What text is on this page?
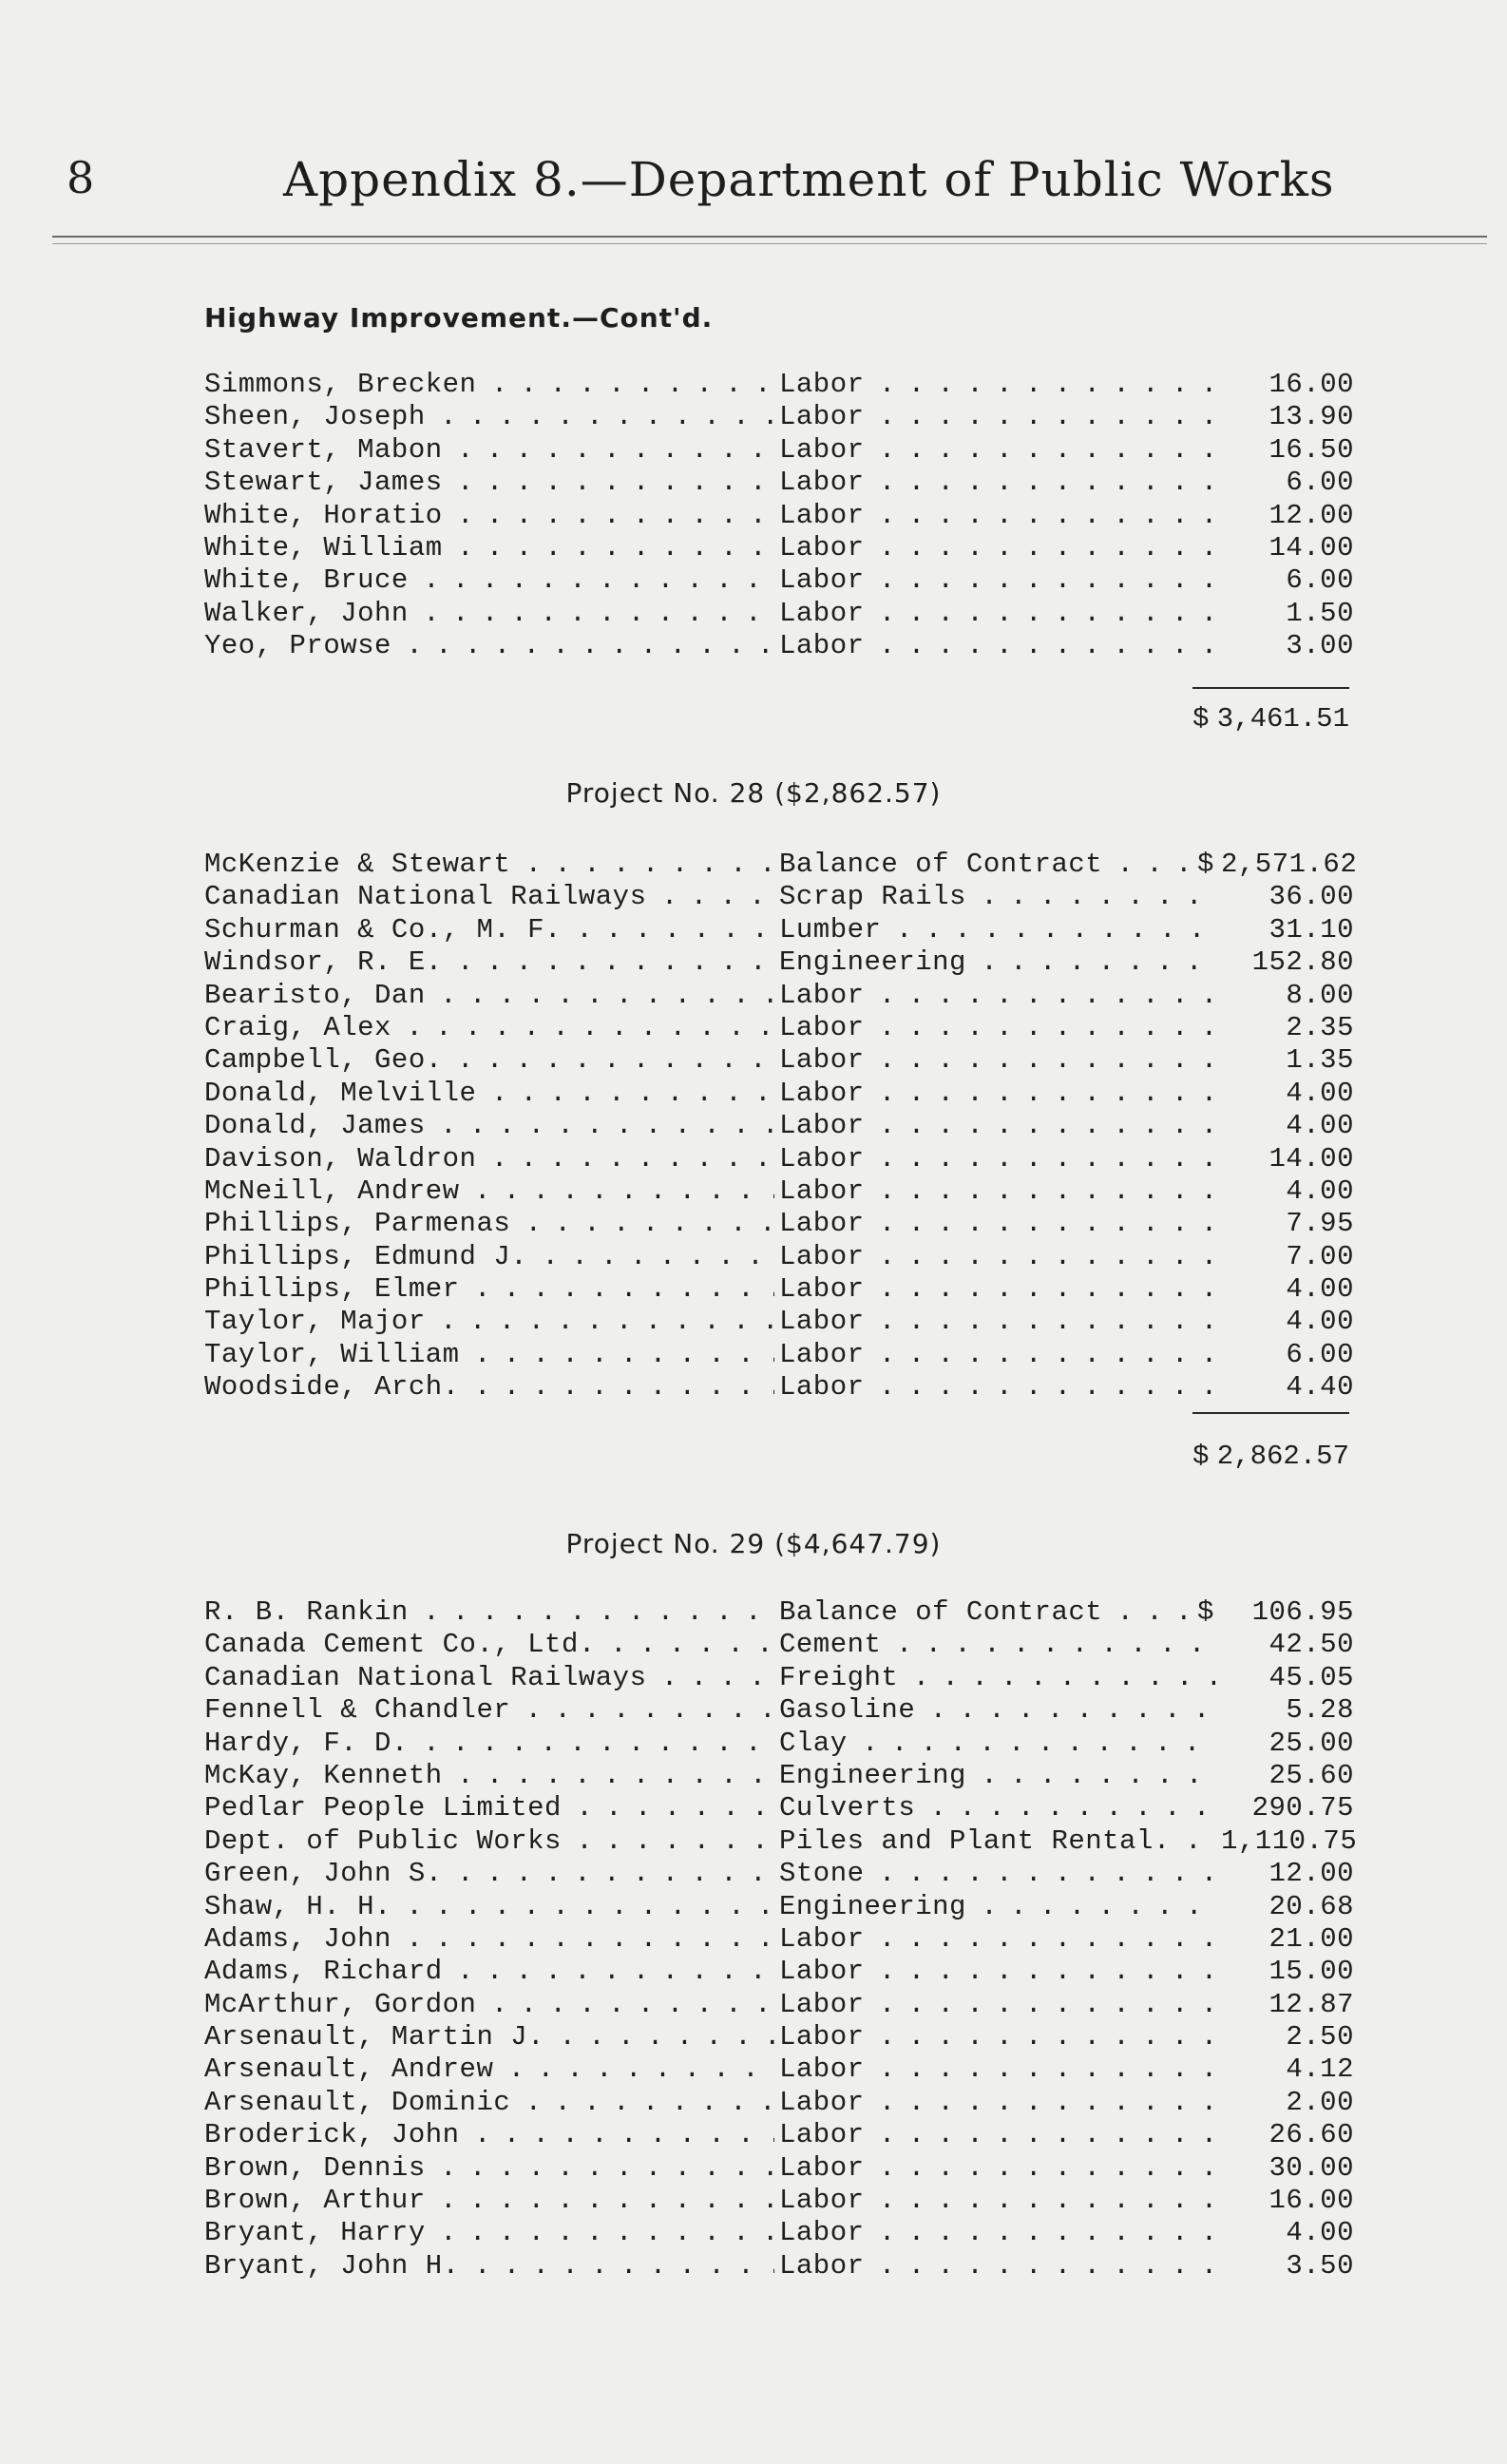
8	Appendix 8.—Department of Public Works
Highway Improvement.—Cont'd.
Simmons, Brecken . . .	Labor . . .	16.00
Sheen, Joseph . . .	Labor . . .	13.90
Stavert, Mabon . . .	Labor . . .	16.50
Stewart, James . . .	Labor . . .	6.00
White, Horatio . . .	Labor . . .	12.00
White, William . . .	Labor . . .	14.00
White, Bruce . . .	Labor . . .	6.00
Walker, John . . .	Labor . . .	1.50
Yeo, Prowse . . .	Labor . . .	3.00
$ 3,461.51
Project No. 28 ($2,862.57)
McKenzie & Stewart . . .	Balance of Contract . . .	$ 2,571.62
Canadian National Railways . . .	Scrap Rails . . .	36.00
Schurman & Co., M. F. . . .	Lumber . . .	31.10
Windsor, R. E. . . .	Engineering . . .	152.80
Bearisto, Dan . . .	Labor . . .	8.00
Craig, Alex . . .	Labor . . .	2.35
Campbell, Geo. . . .	Labor . . .	1.35
Donald, Melville . . .	Labor . . .	4.00
Donald, James . . .	Labor . . .	4.00
Davison, Waldron . . .	Labor . . .	14.00
McNeill, Andrew . . .	Labor . . .	4.00
Phillips, Parmenas . . .	Labor . . .	7.95
Phillips, Edmund J. . . .	Labor . . .	7.00
Phillips, Elmer . . .	Labor . . .	4.00
Taylor, Major . . .	Labor . . .	4.00
Taylor, William . . .	Labor . . .	6.00
Woodside, Arch. . . .	Labor . . .	4.40
$ 2,862.57
Project No. 29 ($4,647.79)
R. B. Rankin . . .	Balance of Contract . . .	$	106.95
Canada Cement Co., Ltd. . . .	Cement . . .	42.50
Canadian National Railways . . .	Freight . . .	45.05
Fennell & Chandler . . .	Gasoline . . .	5.28
Hardy, F. D. . . .	Clay . . .	25.00
McKay, Kenneth . . .	Engineering . . .	25.60
Pedlar People Limited . . .	Culverts . . .	290.75
Dept. of Public Works . . .	Piles and Plant Rental. . . .	1,110.75
Green, John S. . . .	Stone . . .	12.00
Shaw, H. H. . . .	Engineering . . .	20.68
Adams, John . . .	Labor . . .	21.00
Adams, Richard . . .	Labor . . .	15.00
McArthur, Gordon . . .	Labor . . .	12.87
Arsenault, Martin J. . . .	Labor . . .	2.50
Arsenault, Andrew . . .	Labor . . .	4.12
Arsenault, Dominic . . .	Labor . . .	2.00
Broderick, John . . .	Labor . . .	26.60
Brown, Dennis . . .	Labor . . .	30.00
Brown, Arthur . . .	Labor . . .	16.00
Bryant, Harry . . .	Labor . . .	4.00
Bryant, John H. . . .	Labor . . .	3.50
